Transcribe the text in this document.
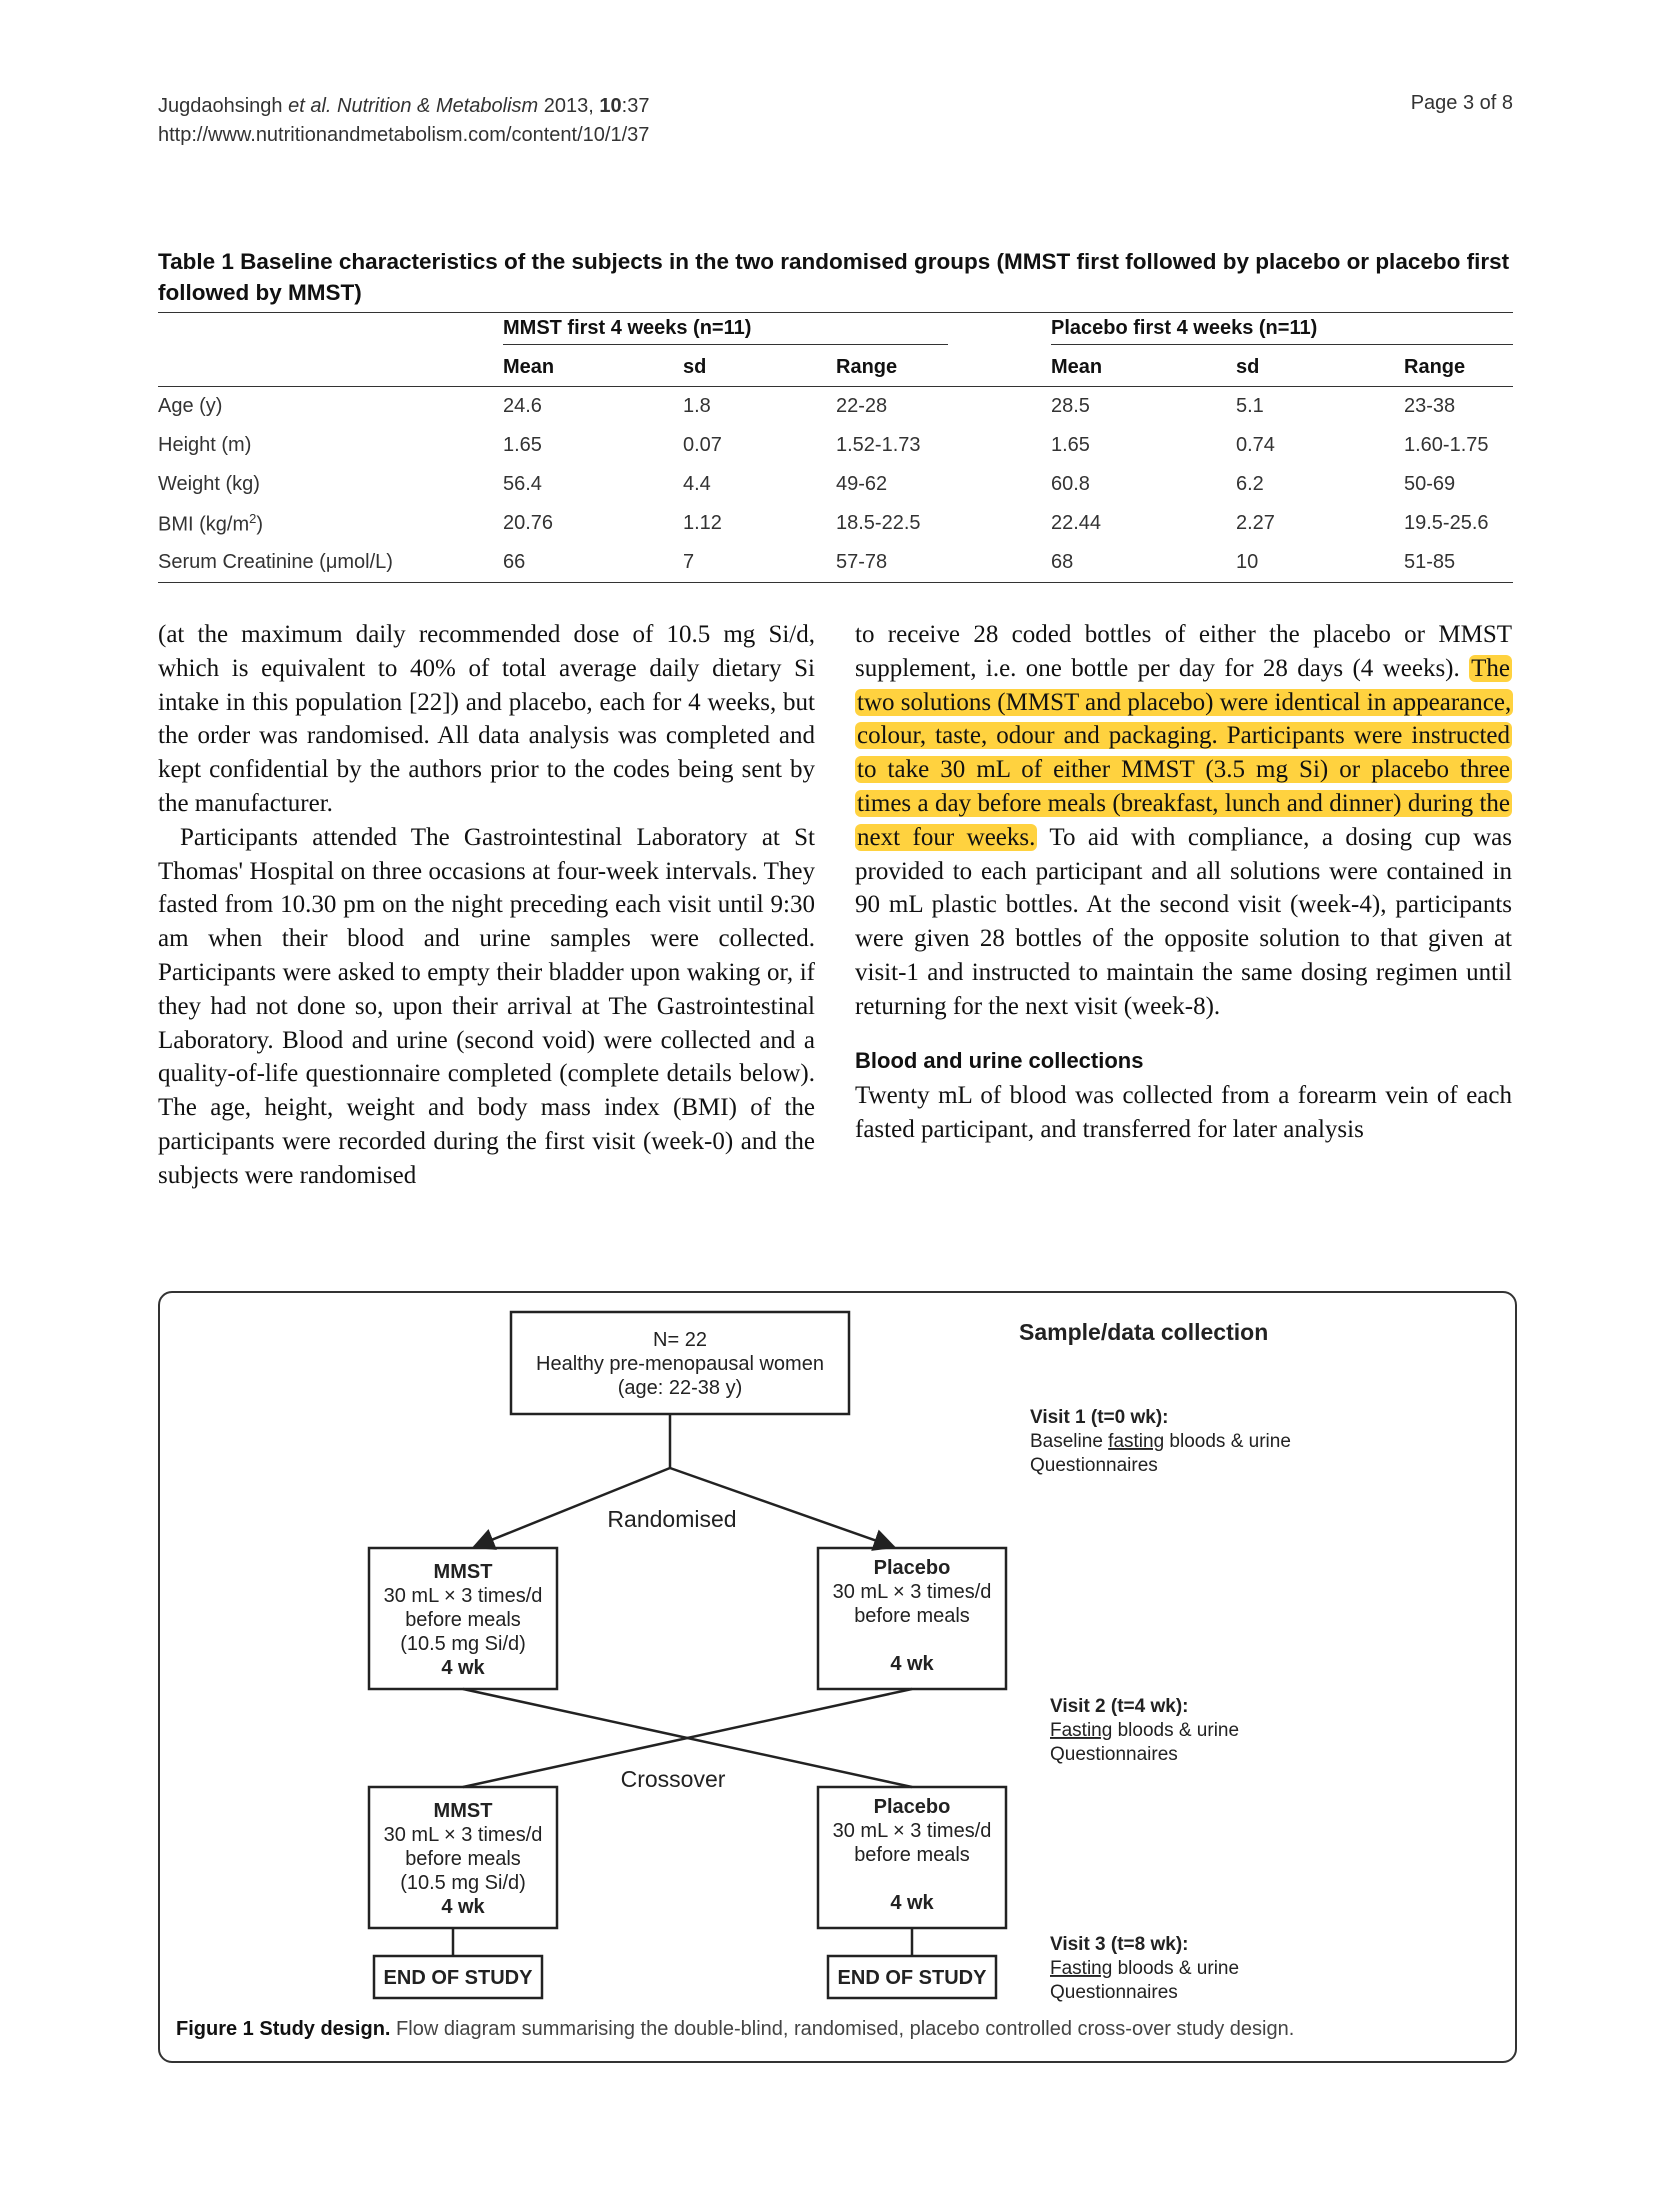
Jugdaohsingh et al. Nutrition & Metabolism 2013, 10:37
http://www.nutritionandmetabolism.com/content/10/1/37
Page 3 of 8
Table 1 Baseline characteristics of the subjects in the two randomised groups (MMST first followed by placebo or placebo first followed by MMST)
	MMST first 4 weeks (n=11)			Placebo first 4 weeks (n=11)		
	Mean	sd	Range	Mean	sd	Range
Age (y)	24.6	1.8	22-28	28.5	5.1	23-38
Height (m)	1.65	0.07	1.52-1.73	1.65	0.74	1.60-1.75
Weight (kg)	56.4	4.4	49-62	60.8	6.2	50-69
BMI $(kg/m^2)$	20.76	1.12	18.5-22.5	22.44	2.27	19.5-25.6
Serum Creatinine (μmol/L)	66	7	57-78	68	10	51-85

(at the maximum daily recommended dose of 10.5 mg Si/d, which is equivalent to 40% of total average daily dietary Si intake in this population [22]) and placebo, each for 4 weeks, but the order was randomised. All data analysis was completed and kept confidential by the authors prior to the codes being sent by the manufacturer.

Participants attended The Gastrointestinal Laboratory at St Thomas' Hospital on three occasions at four-week intervals. They fasted from 10.30 pm on the night preceding each visit until 9:30 am when their blood and urine samples were collected. Participants were asked to empty their bladder upon waking or, if they had not done so, upon their arrival at The Gastrointestinal Laboratory. Blood and urine (second void) were collected and a quality-of-life questionnaire completed (complete details below). The age, height, weight and body mass index (BMI) of the participants were recorded during the first visit (week-0) and the subjects were randomised

to receive 28 coded bottles of either the placebo or MMST supplement, i.e. one bottle per day for 28 days (4 weeks). The two solutions (MMST and placebo) were identical in appearance, colour, taste, odour and packaging. Participants were instructed to take 30 mL of either MMST (3.5 mg Si) or placebo three times a day before meals (breakfast, lunch and dinner) during the next four weeks. To aid with compliance, a dosing cup was provided to each participant and all solutions were contained in 90 mL plastic bottles. At the second visit (week-4), participants were given 28 bottles of the opposite solution to that given at visit-1 and instructed to maintain the same dosing regimen until returning for the next visit (week-8).

Blood and urine collections

Twenty mL of blood was collected from a forearm vein of each fasted participant, and transferred for later analysis

N= 22
Healthy pre-menopausal women
(age: 22-38 y)
Randomised
Crossover
MMST
30 mL × 3 times/d
before meals
(10.5 mg Si/d)
4 wk
Placebo
30 mL × 3 times/d
before meals
4 wk
MMST
30 mL × 3 times/d
before meals
(10.5 mg Si/d)
4 wk
Placebo
30 mL × 3 times/d
before meals
4 wk
END OF STUDY	END OF STUDY
Sample/data collection
Visit 1 (t=0 wk):
Baseline fasting bloods & urine
Questionnaires
Visit 2 (t=4 wk):
Fasting bloods & urine
Questionnaires
Visit 3 (t=8 wk):
Fasting bloods & urine
Questionnaires
Figure 1 Study design. Flow diagram summarising the double-blind, randomised, placebo controlled cross-over study design.
